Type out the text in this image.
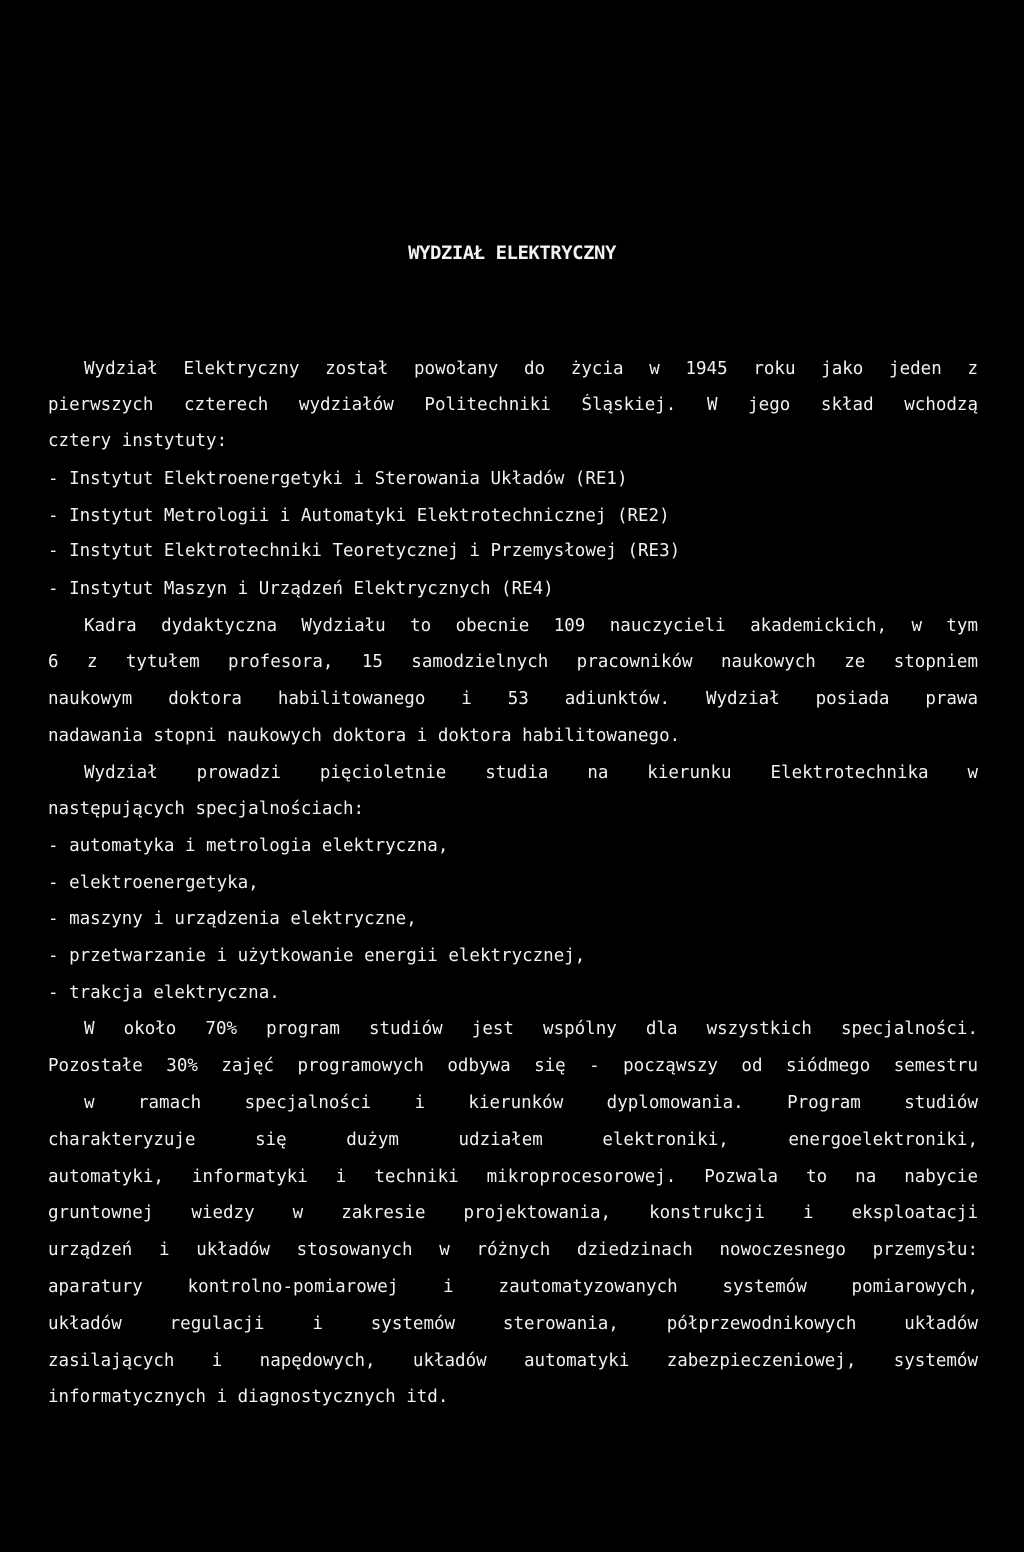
WYDZIAŁ ELEKTRYCZNY

Wydział Elektryczny został powołany do życia w 1945 roku jako jeden z

pierwszych czterech wydziałów Politechniki Śląskiej. W jego skład wchodzą

cztery instytuty:

- Instytut Elektroenergetyki i Sterowania Układów (RE1)

- Instytut Metrologii i Automatyki Elektrotechnicznej (RE2)

- Instytut Elektrotechniki Teoretycznej i Przemysłowej (RE3)

- Instytut Maszyn i Urządzeń Elektrycznych (RE4)

Kadra dydaktyczna Wydziału to obecnie 109 nauczycieli akademickich, w tym

6 z tytułem profesora, 15 samodzielnych pracowników naukowych ze stopniem

naukowym doktora habilitowanego i 53 adiunktów. Wydział posiada prawa

nadawania stopni naukowych doktora i doktora habilitowanego.

Wydział prowadzi pięcioletnie studia na kierunku Elektrotechnika w

następujących specjalnościach:

- automatyka i metrologia elektryczna,

- elektroenergetyka,

- maszyny i urządzenia elektryczne,

- przetwarzanie i użytkowanie energii elektrycznej,

- trakcja elektryczna.

W około 70% program studiów jest wspólny dla wszystkich specjalności.

Pozostałe 30% zajęć programowych odbywa się - począwszy od siódmego semestru

w ramach specjalności i kierunków dyplomowania. Program studiów

charakteryzuje się dużym udziałem elektroniki, energoelektroniki,

automatyki, informatyki i techniki mikroprocesorowej. Pozwala to na nabycie

gruntownej wiedzy w zakresie projektowania, konstrukcji i eksploatacji

urządzeń i układów stosowanych w różnych dziedzinach nowoczesnego przemysłu:

aparatury kontrolno-pomiarowej i zautomatyzowanych systemów pomiarowych,

układów regulacji i systemów sterowania, półprzewodnikowych układów

zasilających i napędowych, układów automatyki zabezpieczeniowej, systemów

informatycznych i diagnostycznych itd.
